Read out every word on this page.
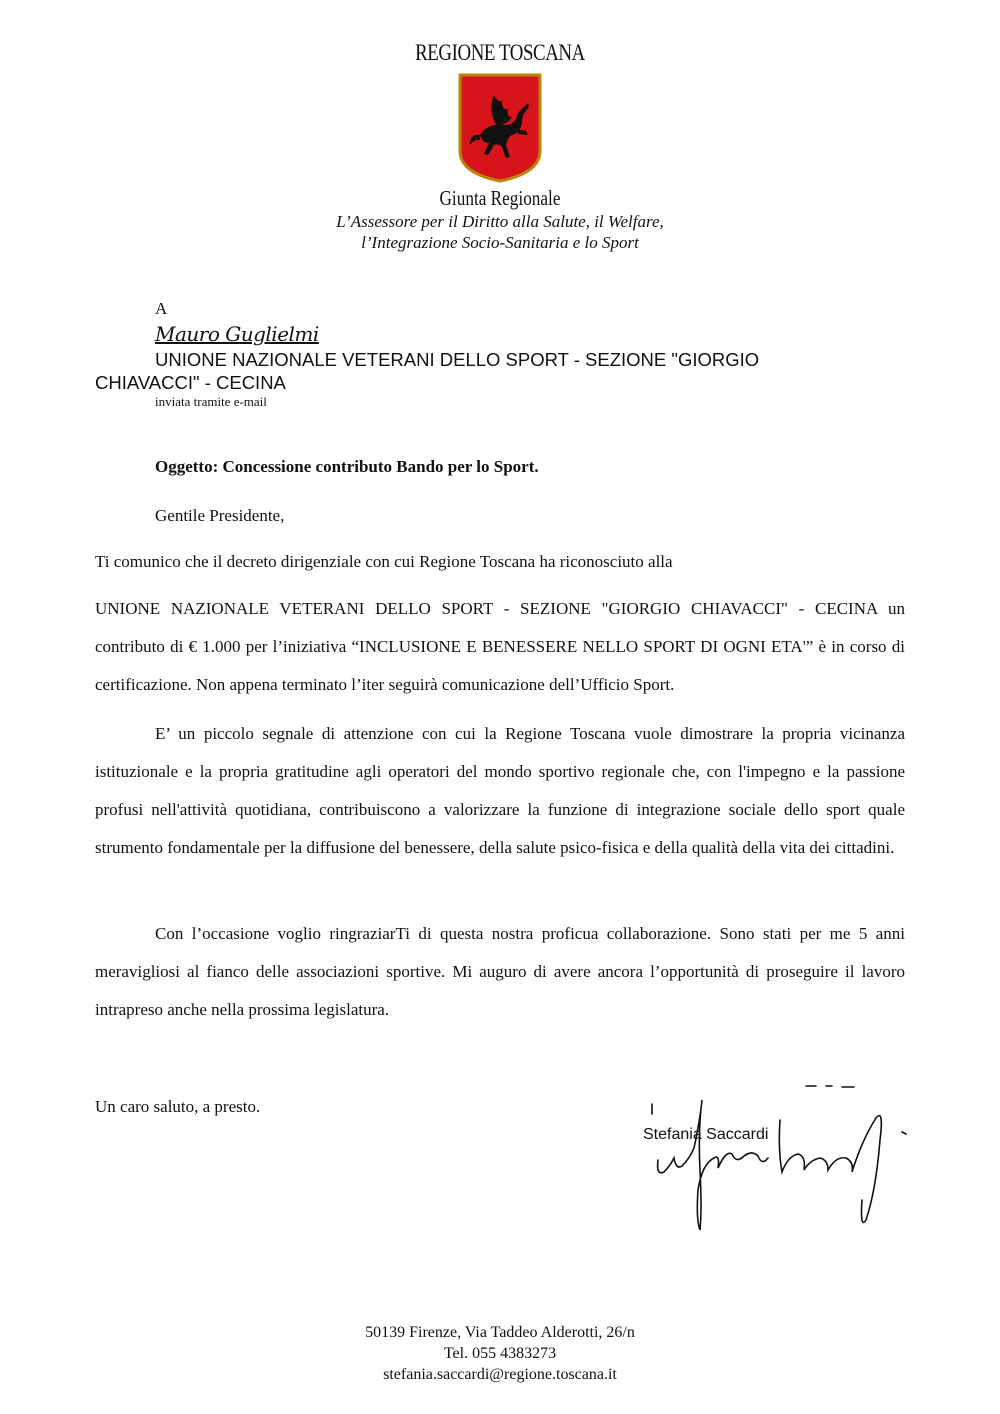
REGIONE TOSCANA
Giunta Regionale
L’Assessore per il Diritto alla Salute, il Welfare,
l’Integrazione Socio-Sanitaria e lo Sport
A
Mauro Guglielmi
UNIONE NAZIONALE VETERANI DELLO SPORT - SEZIONE "GIORGIO CHIAVACCI" - CECINA
inviata tramite e-mail
Oggetto: Concessione contributo Bando per lo Sport.
Gentile Presidente,
Ti comunico che il decreto dirigenziale con cui Regione Toscana ha riconosciuto alla
UNIONE NAZIONALE VETERANI DELLO SPORT - SEZIONE "GIORGIO CHIAVACCI" - CECINA un contributo di € 1.000 per l’iniziativa “INCLUSIONE E BENESSERE NELLO SPORT DI OGNI ETA'” è in corso di certificazione. Non appena terminato l’iter seguirà comunicazione dell’Ufficio Sport.
E’ un piccolo segnale di attenzione con cui la Regione Toscana vuole dimostrare la propria vicinanza istituzionale e la propria gratitudine agli operatori del mondo sportivo regionale che, con l'impegno e la passione profusi nell'attività quotidiana, contribuiscono a valorizzare la funzione di integrazione sociale dello sport quale strumento fondamentale per la diffusione del benessere, della salute psico-fisica e della qualità della vita dei cittadini.
Con l’occasione voglio ringraziarTi di questa nostra proficua collaborazione. Sono stati per me 5 anni meravigliosi al fianco delle associazioni sportive. Mi auguro di avere ancora l’opportunità di proseguire il lavoro intrapreso anche nella prossima legislatura.
Un caro saluto, a presto.
Stefania Saccardi
50139 Firenze, Via Taddeo Alderotti, 26/n
Tel. 055 4383273
stefania.saccardi@regione.toscana.it
